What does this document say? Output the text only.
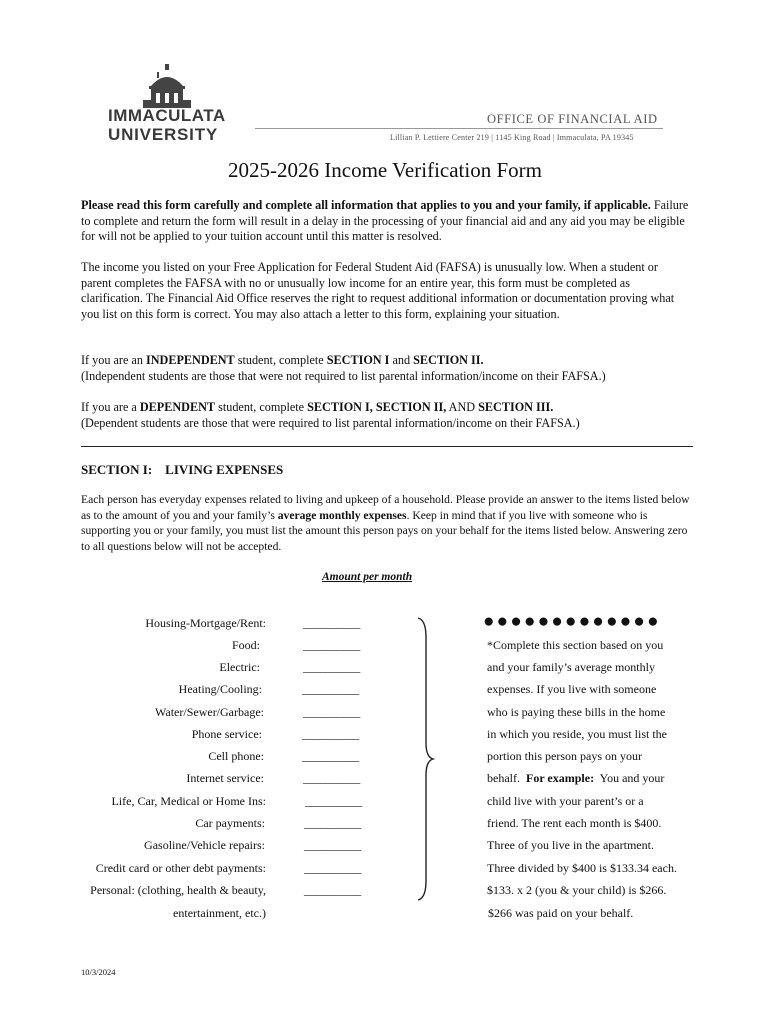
IMMACULATA
UNIVERSITY
OFFICE OF FINANCIAL AID
Lillian P. Lettiere Center 219 | 1145 King Road | Immaculata, PA 19345
2025-2026 Income Verification Form
Please read this form carefully and complete all information that applies to you and your family, if applicable. Failure to complete and return the form will result in a delay in the processing of your financial aid and any aid you may be eligible for will not be applied to your tuition account until this matter is resolved.
The income you listed on your Free Application for Federal Student Aid (FAFSA) is unusually low. When a student or parent completes the FAFSA with no or unusually low income for an entire year, this form must be completed as clarification. The Financial Aid Office reserves the right to request additional information or documentation proving what you list on this form is correct. You may also attach a letter to this form, explaining your situation.
If you are an INDEPENDENT student, complete SECTION I and SECTION II.
(Independent students are those that were not required to list parental information/income on their FAFSA.)
If you are a DEPENDENT student, complete SECTION I, SECTION II, AND SECTION III.
(Dependent students are those that were required to list parental information/income on their FAFSA.)
SECTION I:    LIVING EXPENSES
Each person has everyday expenses related to living and upkeep of a household. Please provide an answer to the items listed below as to the amount of you and your family’s average monthly expenses. Keep in mind that if you live with someone who is supporting you or your family, you must list the amount this person pays on your behalf for the items listed below. Answering zero to all questions below will not be accepted.
Amount per month
Housing-Mortgage/Rent:
Food:
Electric:
Heating/Cooling:
Water/Sewer/Garbage:
Phone service:
Cell phone:
Internet service:
Life, Car, Medical or Home Ins:
Car payments:
Gasoline/Vehicle repairs:
Credit card or other debt payments:
Personal: (clothing, health & beauty,
entertainment, etc.)
__________
__________
__________
__________
__________
__________
__________
__________
__________
__________
__________
__________
__________
●●●●●●●●●●●●●
*Complete this section based on you
and your family’s average monthly
expenses. If you live with someone
who is paying these bills in the home
in which you reside, you must list the
portion this person pays on your
behalf.  For example:  You and your
child live with your parent’s or a
friend. The rent each month is $400.
Three of you live in the apartment.
Three divided by $400 is $133.34 each.
$133. x 2 (you & your child) is $266.
$266 was paid on your behalf.
10/3/2024
